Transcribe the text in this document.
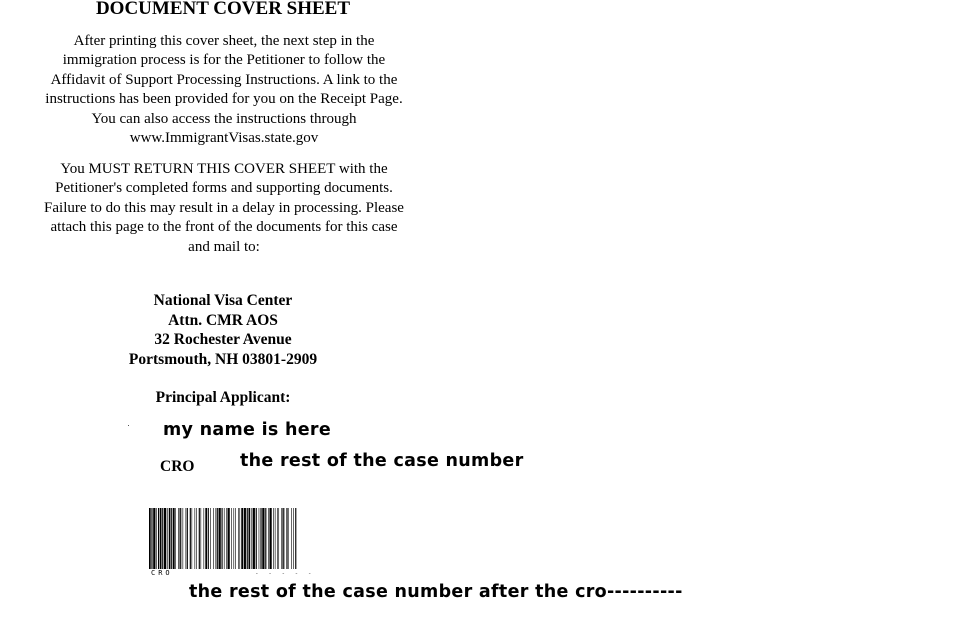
DOCUMENT COVER SHEET
After printing this cover sheet, the next step in the
immigration process is for the Petitioner to follow the
Affidavit of Support Processing Instructions. A link to the
instructions has been provided for you on the Receipt Page.
You can also access the instructions through
www.ImmigrantVisas.state.gov
You MUST RETURN THIS COVER SHEET with the
Petitioner's completed forms and supporting documents.
Failure to do this may result in a delay in processing. Please
attach this page to the front of the documents for this case
and mail to:
National Visa Center
Attn. CMR AOS
32 Rochester Avenue
Portsmouth, NH 03801-2909
Principal Applicant:
my name is here
CRO	the rest of the case number
CRO	- - - - -
the rest of the case number after the cro----------
